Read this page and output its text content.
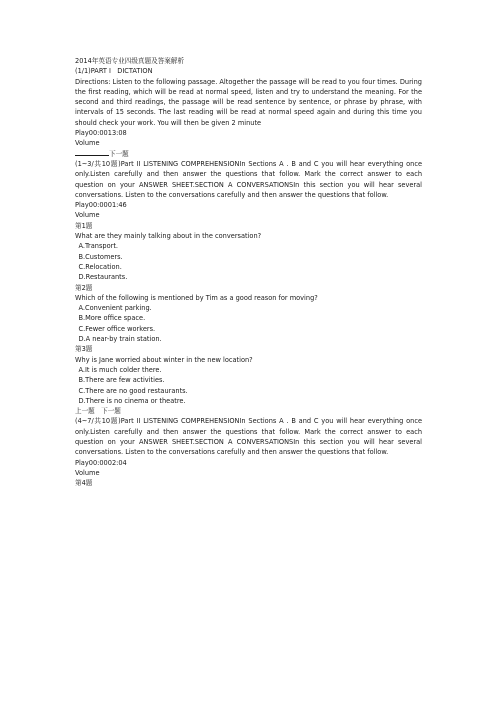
2014年英语专业四级真题及答案解析
(1/1)PART I   DICTATION
Directions: Listen to the following passage. Altogether the passage will be read to you four times. During the first reading, which will be read at normal speed, listen and try to understand the meaning. For the second and third readings, the passage will be read sentence by sentence, or phrase by phrase, with intervals of 15 seconds. The last reading will be read at normal speed again and during this time you should check your work. You will then be given 2 minute
Play00:0013:08
Volume
下一题
(1~3/共10题)Part II LISTENING COMPREHENSIONIn Sections A . B and C you will hear everything once only.Listen carefully and then answer the questions that follow. Mark the correct answer to each question on your ANSWER SHEET.SECTION A CONVERSATIONSIn this section you will hear several conversations. Listen to the conversations carefully and then answer the questions that follow.
Play00:0001:46
Volume
第1题
What are they mainly talking about in the conversation?
A.Transport.
B.Customers.
C.Relocation.
D.Restaurants.
第2题
Which of the following is mentioned by Tim as a good reason for moving?
A.Convenient parking.
B.More office space.
C.Fewer office workers.
D.A near-by train station.
第3题
Why is Jane worried about winter in the new location?
A.It is much colder there.
B.There are few activities.
C.There are no good restaurants.
D.There is no cinema or theatre.
上一题 下一题
(4~7/共10题)Part II LISTENING COMPREHENSIONIn Sections A . B and C you will hear everything once only.Listen carefully and then answer the questions that follow. Mark the correct answer to each question on your ANSWER SHEET.SECTION A CONVERSATIONSIn this section you will hear several conversations. Listen to the conversations carefully and then answer the questions that follow.
Play00:0002:04
Volume
第4题
